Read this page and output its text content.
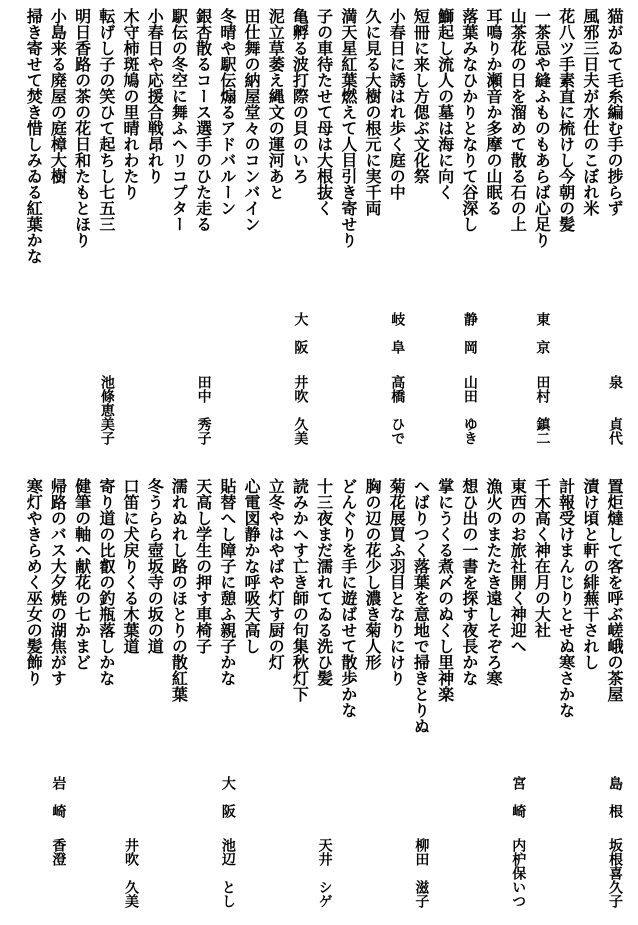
泉　　貞代
猫がゐて毛糸編む手の捗らず
風邪三日夫が水仕のこぼれ米
花八ツ手素直に梳けし今朝の髪
東　京
田村　鎮二
一茶忌や縫ふものもあらば心足り
山茶花の日を溜めて散る石の上
耳鳴りか瀬音か多摩の山眠る
静　岡
山田　ゆき
落葉みなひかりとなりて谷深し
鰤起し流人の墓は海に向く
短冊に来し方偲ぶ文化祭
岐　阜
高橋　ひで
小春日に誘はれ歩く庭の中
久に見る大樹の根元に実千両
満天星紅葉燃えて人目引き寄せり
子の車待たせて母は大根抜く
大　阪
井吹　久美
亀孵る波打際の貝のいろ
泥立草萎え縄文の運河あと
田仕舞の納屋堂々のコンバイン
冬晴や駅伝煽るアドバルーン
田中　秀子
銀杏散るコース選手のひた走る
駅伝の冬空に舞ふヘリコプター
小春日や応援合戦昂れり
木守柿斑鳩の里晴れわたり
池條恵美子
転げし子の笑ひて起ちし七五三
明日香路の茶の花日和たもとほり
小島来る廃屋の庭樟大樹
掃き寄せて焚き惜しみゐる紅葉かな
島　根
坂根喜久子
置炬燵して客を呼ぶ嵯峨の茶屋
漬け頃と軒の緋蕪干されし
計報受けまんじりとせぬ寒さかな
千木高く神在月の大社
宮　崎
内枦保いつ
東西のお旅社開く神迎へ
漁火のまたたき遠しそぞろ寒
想ひ出の一書を探す夜長かな
掌にうくる煮〆のぬくし里神楽
柳田　滋子
へばりつく落葉を意地で掃きとりぬ
菊花展買ふ羽目となりにけり
胸の辺の花少し濃き菊人形
どんぐりを手に遊ばせて散歩かな
天井　シゲ
十三夜まだ濡れてゐる洗ひ髪
読みかへす亡き師の句集秋灯下
立冬やはやばや灯す厨の灯
心電図静かな呼吸天高し
大　阪
池辺　とし
貼替へし障子に憩ふ親子かな
天高し学生の押す車椅子
濡れぬれし路のほとりの散紅葉
冬うらら壺坂寺の坂の道
井吹　久美
口笛に犬戻りくる木葉道
寄り道の比叡の釣瓶落しかな
健筆の軸へ献花の七かまど
岩　崎
香澄
帰路のバス大夕焼の湖焦がす
寒灯やきらめく巫女の髪飾り
